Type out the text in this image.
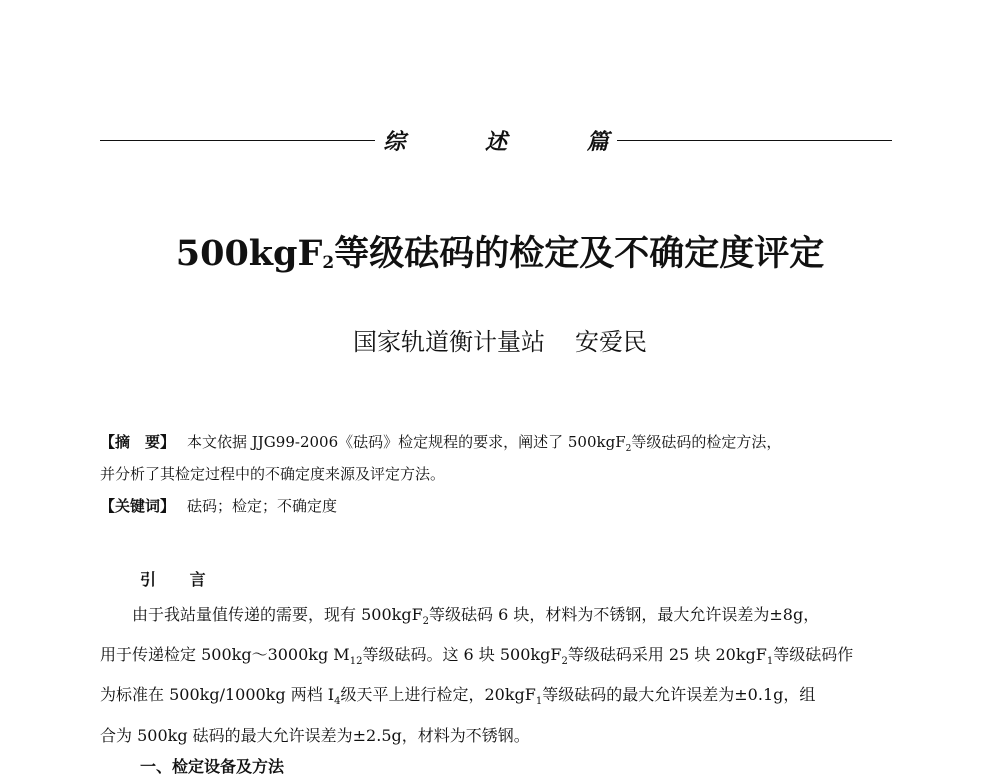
综 述 篇
500kgF$_2$等级砝码的检定及不确定度评定
国家轨道衡计量站 安爱民
【摘　要】 本文依据 JJG99-2006《砝码》检定规程的要求，阐述了 500kgF$_2$等级砝码的检定方法，
并分析了其检定过程中的不确定度来源及评定方法。
【关键词】 砝码；检定；不确定度
引 言
由于我站量值传递的需要，现有 500kgF$_2$等级砝码 6 块，材料为不锈钢，最大允许误差为±8g，
用于传递检定 500kg～3000kg $M_{12}$等级砝码。这 6 块 500kgF$_2$等级砝码采用 25 块 20kgF$_1$等级砝码作
为标准在 500kg/1000kg 两档 $I_4$级天平上进行检定，20kgF$_1$等级砝码的最大允许误差为±0.1g，组
合为 500kg 砝码的最大允许误差为±2.5g，材料为不锈钢。
一、检定设备及方法
